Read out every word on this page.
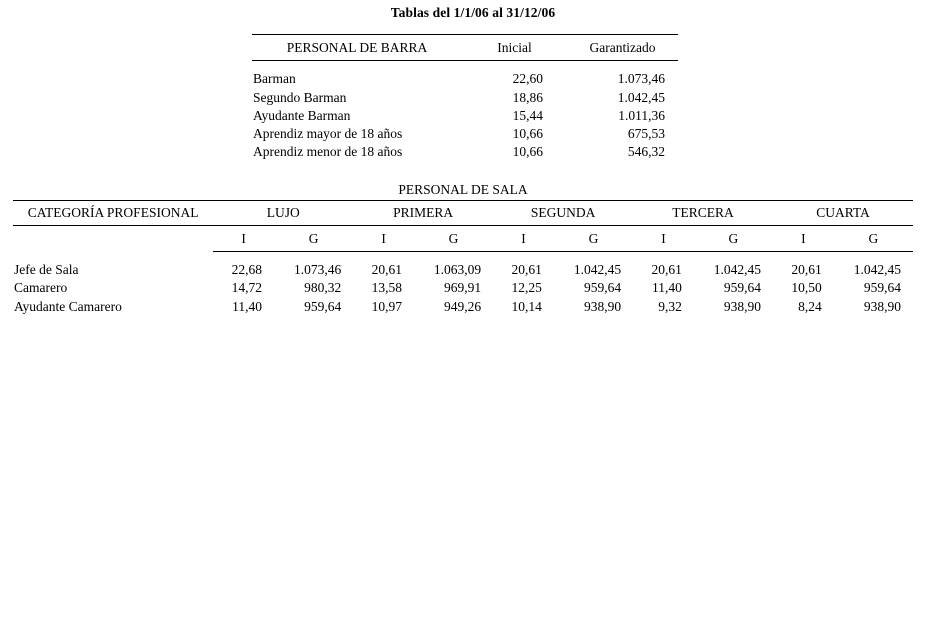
Tablas del 1/1/06 al 31/12/06
PERSONAL DE BARRA	Inicial	Garantizado
Barman	22,60	1.073,46
Segundo Barman	18,86	1.042,45
Ayudante Barman	15,44	1.011,36
Aprendiz mayor de 18 años	10,66	675,53
Aprendiz menor de 18 años	10,66	546,32
PERSONAL DE SALA
CATEGORÍA PROFESIONAL	LUJO		PRIMERA		SEGUNDA		TERCERA		CUARTA	
	I	G	I	G	I	G	I	G	I	G
Jefe de Sala	22,68	1.073,46	20,61	1.063,09	20,61	1.042,45	20,61	1.042,45	20,61	1.042,45
Camarero	14,72	980,32	13,58	969,91	12,25	959,64	11,40	959,64	10,50	959,64
Ayudante Camarero	11,40	959,64	10,97	949,26	10,14	938,90	9,32	938,90	8,24	938,90
